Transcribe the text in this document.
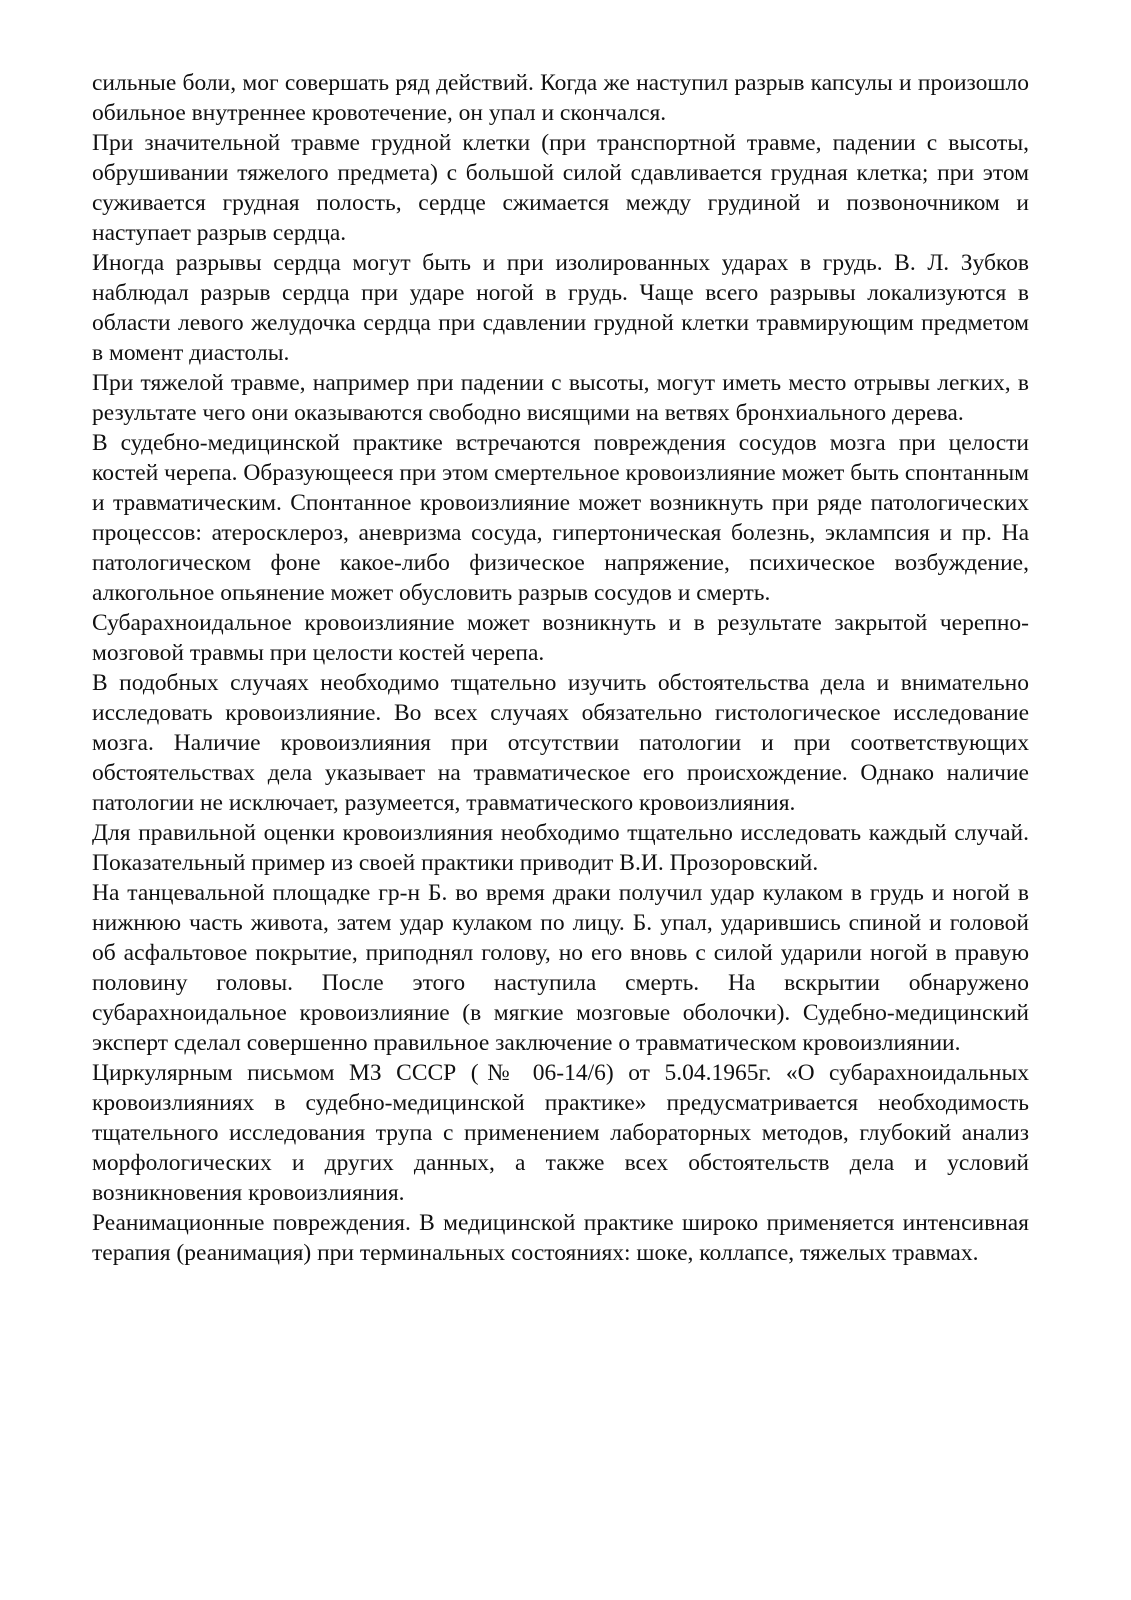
сильные боли, мог совершать ряд действий. Когда же наступил разрыв капсулы и произошло обильное внутреннее кровотечение, он упал и скончался.

При значительной травме грудной клетки (при транспортной травме, падении с высоты, обрушивании тяжелого предмета) с большой силой сдавливается грудная клетка; при этом суживается грудная полость, сердце сжимается между грудиной и позвоночником и наступает разрыв сердца.

Иногда разрывы сердца могут быть и при изолированных ударах в грудь. В. Л. Зубков наблюдал разрыв сердца при ударе ногой в грудь. Чаще всего разрывы локализуются в области левого желудочка сердца при сдавлении грудной клетки травмирующим предметом в момент диастолы.

При тяжелой травме, например при падении с высоты, могут иметь место отрывы легких, в результате чего они оказываются свободно висящими на ветвях бронхиального дерева.

В судебно-медицинской практике встречаются повреждения сосудов мозга при целости костей черепа. Образующееся при этом смертельное кровоизлияние может быть спонтанным и травматическим. Спонтанное кровоизлияние может возникнуть при ряде патологических процессов: атеросклероз, аневризма сосуда, гипертоническая болезнь, эклампсия и пр. На патологическом фоне какое-либо физическое напряжение, психическое возбуждение, алкогольное опьянение может обусловить разрыв сосудов и смерть.

Субарахноидальное кровоизлияние может возникнуть и в результате закрытой черепно-мозговой травмы при целости костей черепа.

В подобных случаях необходимо тщательно изучить обстоятельства дела и внимательно исследовать кровоизлияние. Во всех случаях обязательно гистологическое исследование мозга. Наличие кровоизлияния при отсутствии патологии и при соответствующих обстоятельствах дела указывает на травматическое его происхождение. Однако наличие патологии не исключает, разумеется, травматического кровоизлияния.

Для правильной оценки кровоизлияния необходимо тщательно исследовать каждый случай. Показательный пример из своей практики приводит В.И. Прозоровский.

На танцевальной площадке гр-н Б. во время драки получил удар кулаком в грудь и ногой в нижнюю часть живота, затем удар кулаком по лицу. Б. упал, ударившись спиной и головой об асфальтовое покрытие, приподнял голову, но его вновь с силой ударили ногой в правую половину головы. После этого наступила смерть. На вскрытии обнаружено субарахноидальное кровоизлияние (в мягкие мозговые оболочки). Судебно-медицинский эксперт сделал совершенно правильное заключение о травматическом кровоизлиянии.

Циркулярным письмом МЗ СССР (№ 06-14/6) от 5.04.1965г. «О субарахноидальных кровоизлияниях в судебно-медицинской практике» предусматривается необходимость тщательного исследования трупа с применением лабораторных методов, глубокий анализ морфологических и других данных, а также всех обстоятельств дела и условий возникновения кровоизлияния.

Реанимационные повреждения. В медицинской практике широко применяется интенсивная терапия (реанимация) при терминальных состояниях: шоке, коллапсе, тяжелых травмах.
